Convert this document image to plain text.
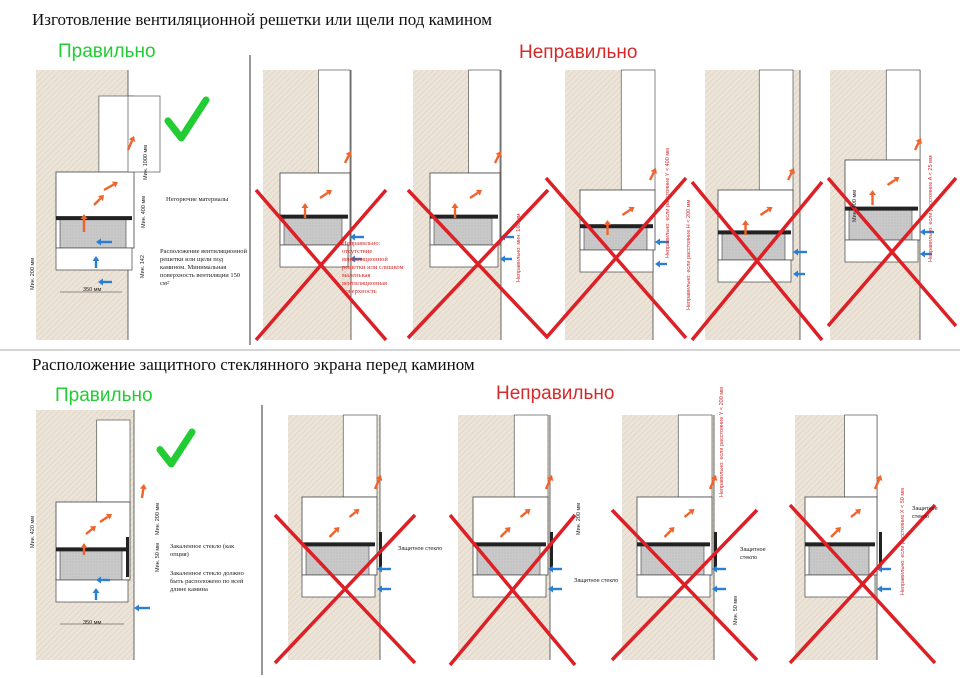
Изготовление вентиляционной решетки или щели под камином
Расположение защитного стеклянного экрана перед камином
Правильно	Неправильно
Правильно	Неправильно
Негорючие материалы
Расположение вентиляционной решетки или щели под камином. Минимальная поверхность вентиляции 150 см²
Мин. 1000 мм
Мин. 400 мм
Мин. 200 мм	Мин. 142
350 мм
Неправильно: отсутствие вентиляционной решетки или слишком маленькая вентиляционная поверхность
Неправильно: мин. 160 мм	Неправильно: если расстояние Y < 400 мм	Неправильно: если расстояние Н < 200 мм	Неправильно: если расстояние A < 25 мм
Мин. 400 мм
Закаленное стекло (как опция)
Закаленное стекло должно быть расположено по всей длине камина
Мин. 420 мм	Мин. 200 мм
Мин. 50 мм
350 мм
Защитное стекло
Защитное стекло
Защитное стекло
Защитное стекло
Неправильно: если расстояние Y < 200 мм
Неправильно: если расстояние X < 50 мм
Мин. 200 мм
Мин. 50 мм
